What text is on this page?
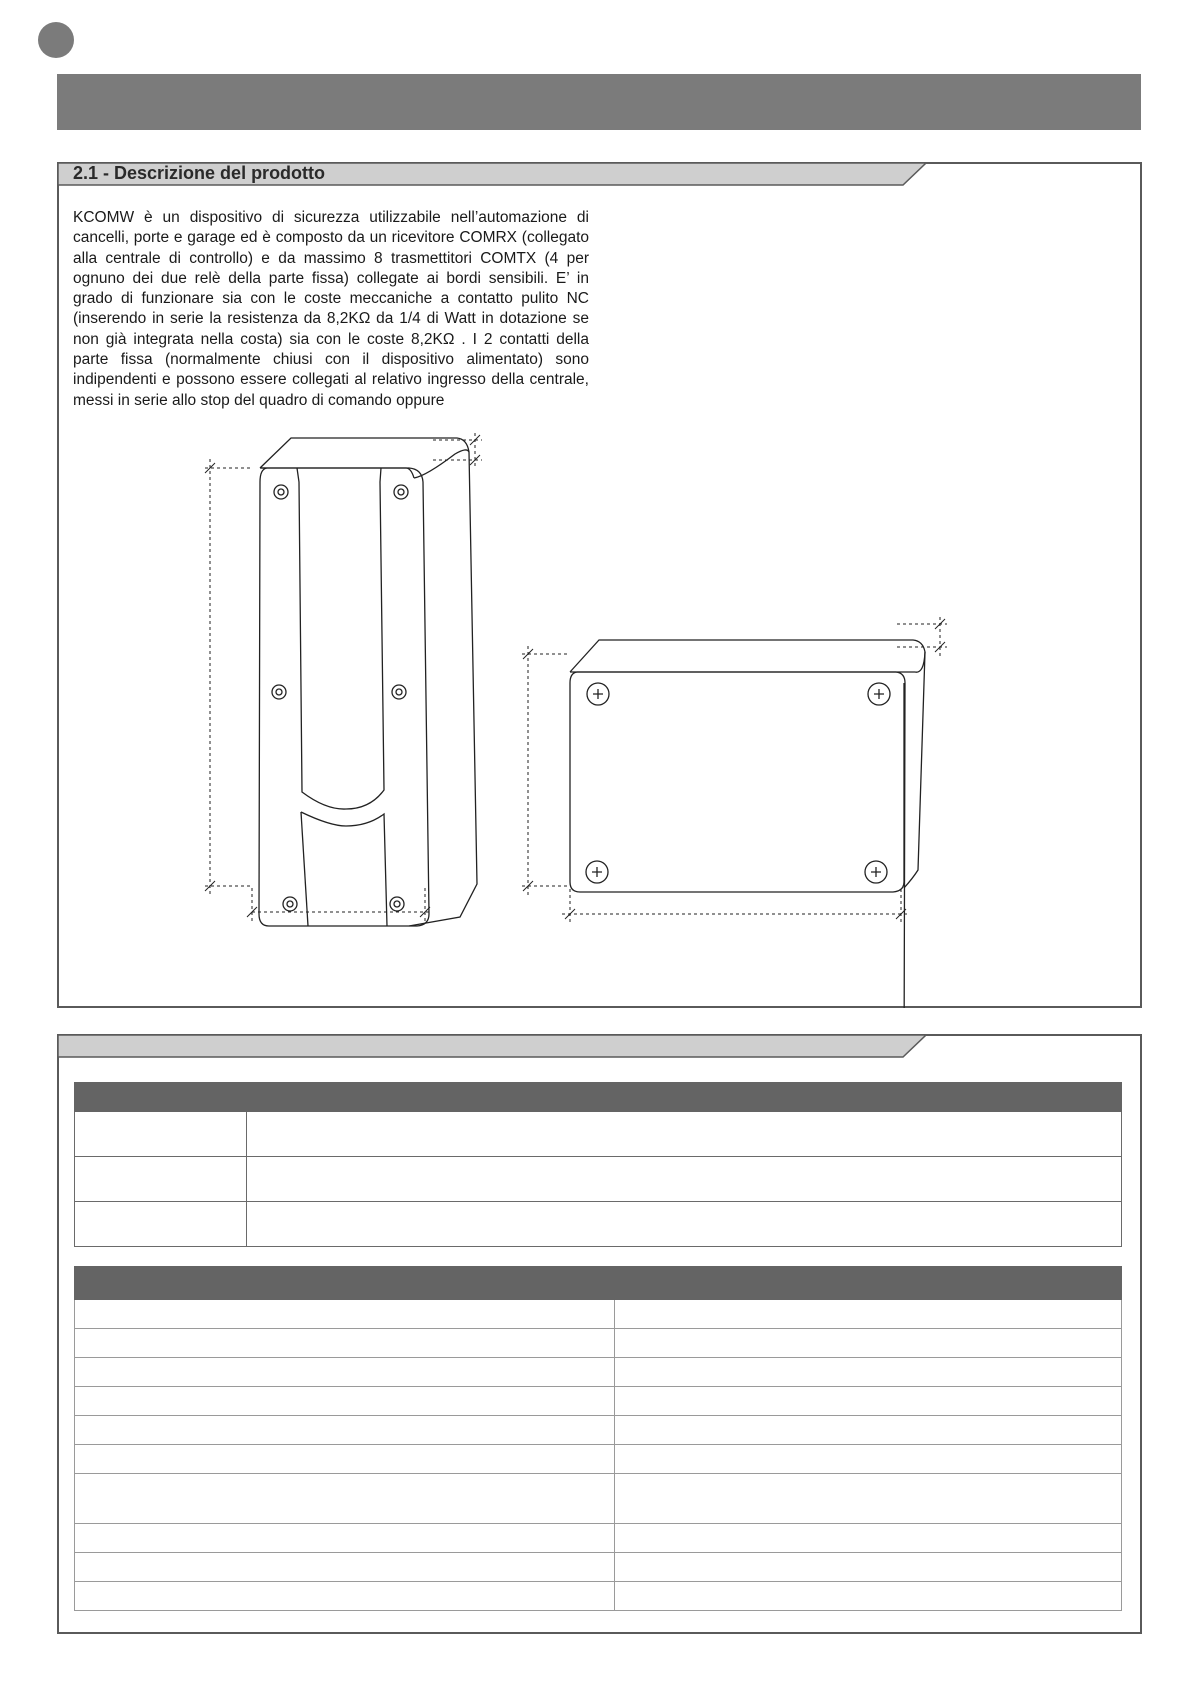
2.1 - Descrizione del prodotto

KCOMW è un dispositivo di sicurezza utilizzabile nell’automazione di cancelli, porte e garage ed è composto da un ricevitore COMRX (collegato alla centrale di controllo) e da massimo 8 trasmettitori COMTX (4 per ognuno dei due relè della parte fissa) collegate ai bordi sensibili. E’ in grado di funzionare sia con le coste meccaniche a contatto pulito NC (inserendo in serie la resistenza da 8,2KΩ da 1/4 di Watt in dotazione se non già integrata nella costa) sia con le coste 8,2KΩ . I 2 contatti della parte fissa (normalmente chiusi con il dispositivo alimentato) sono indipendenti e possono essere collegati al relativo ingresso della centrale, messi in serie allo stop del quadro di comando oppure
